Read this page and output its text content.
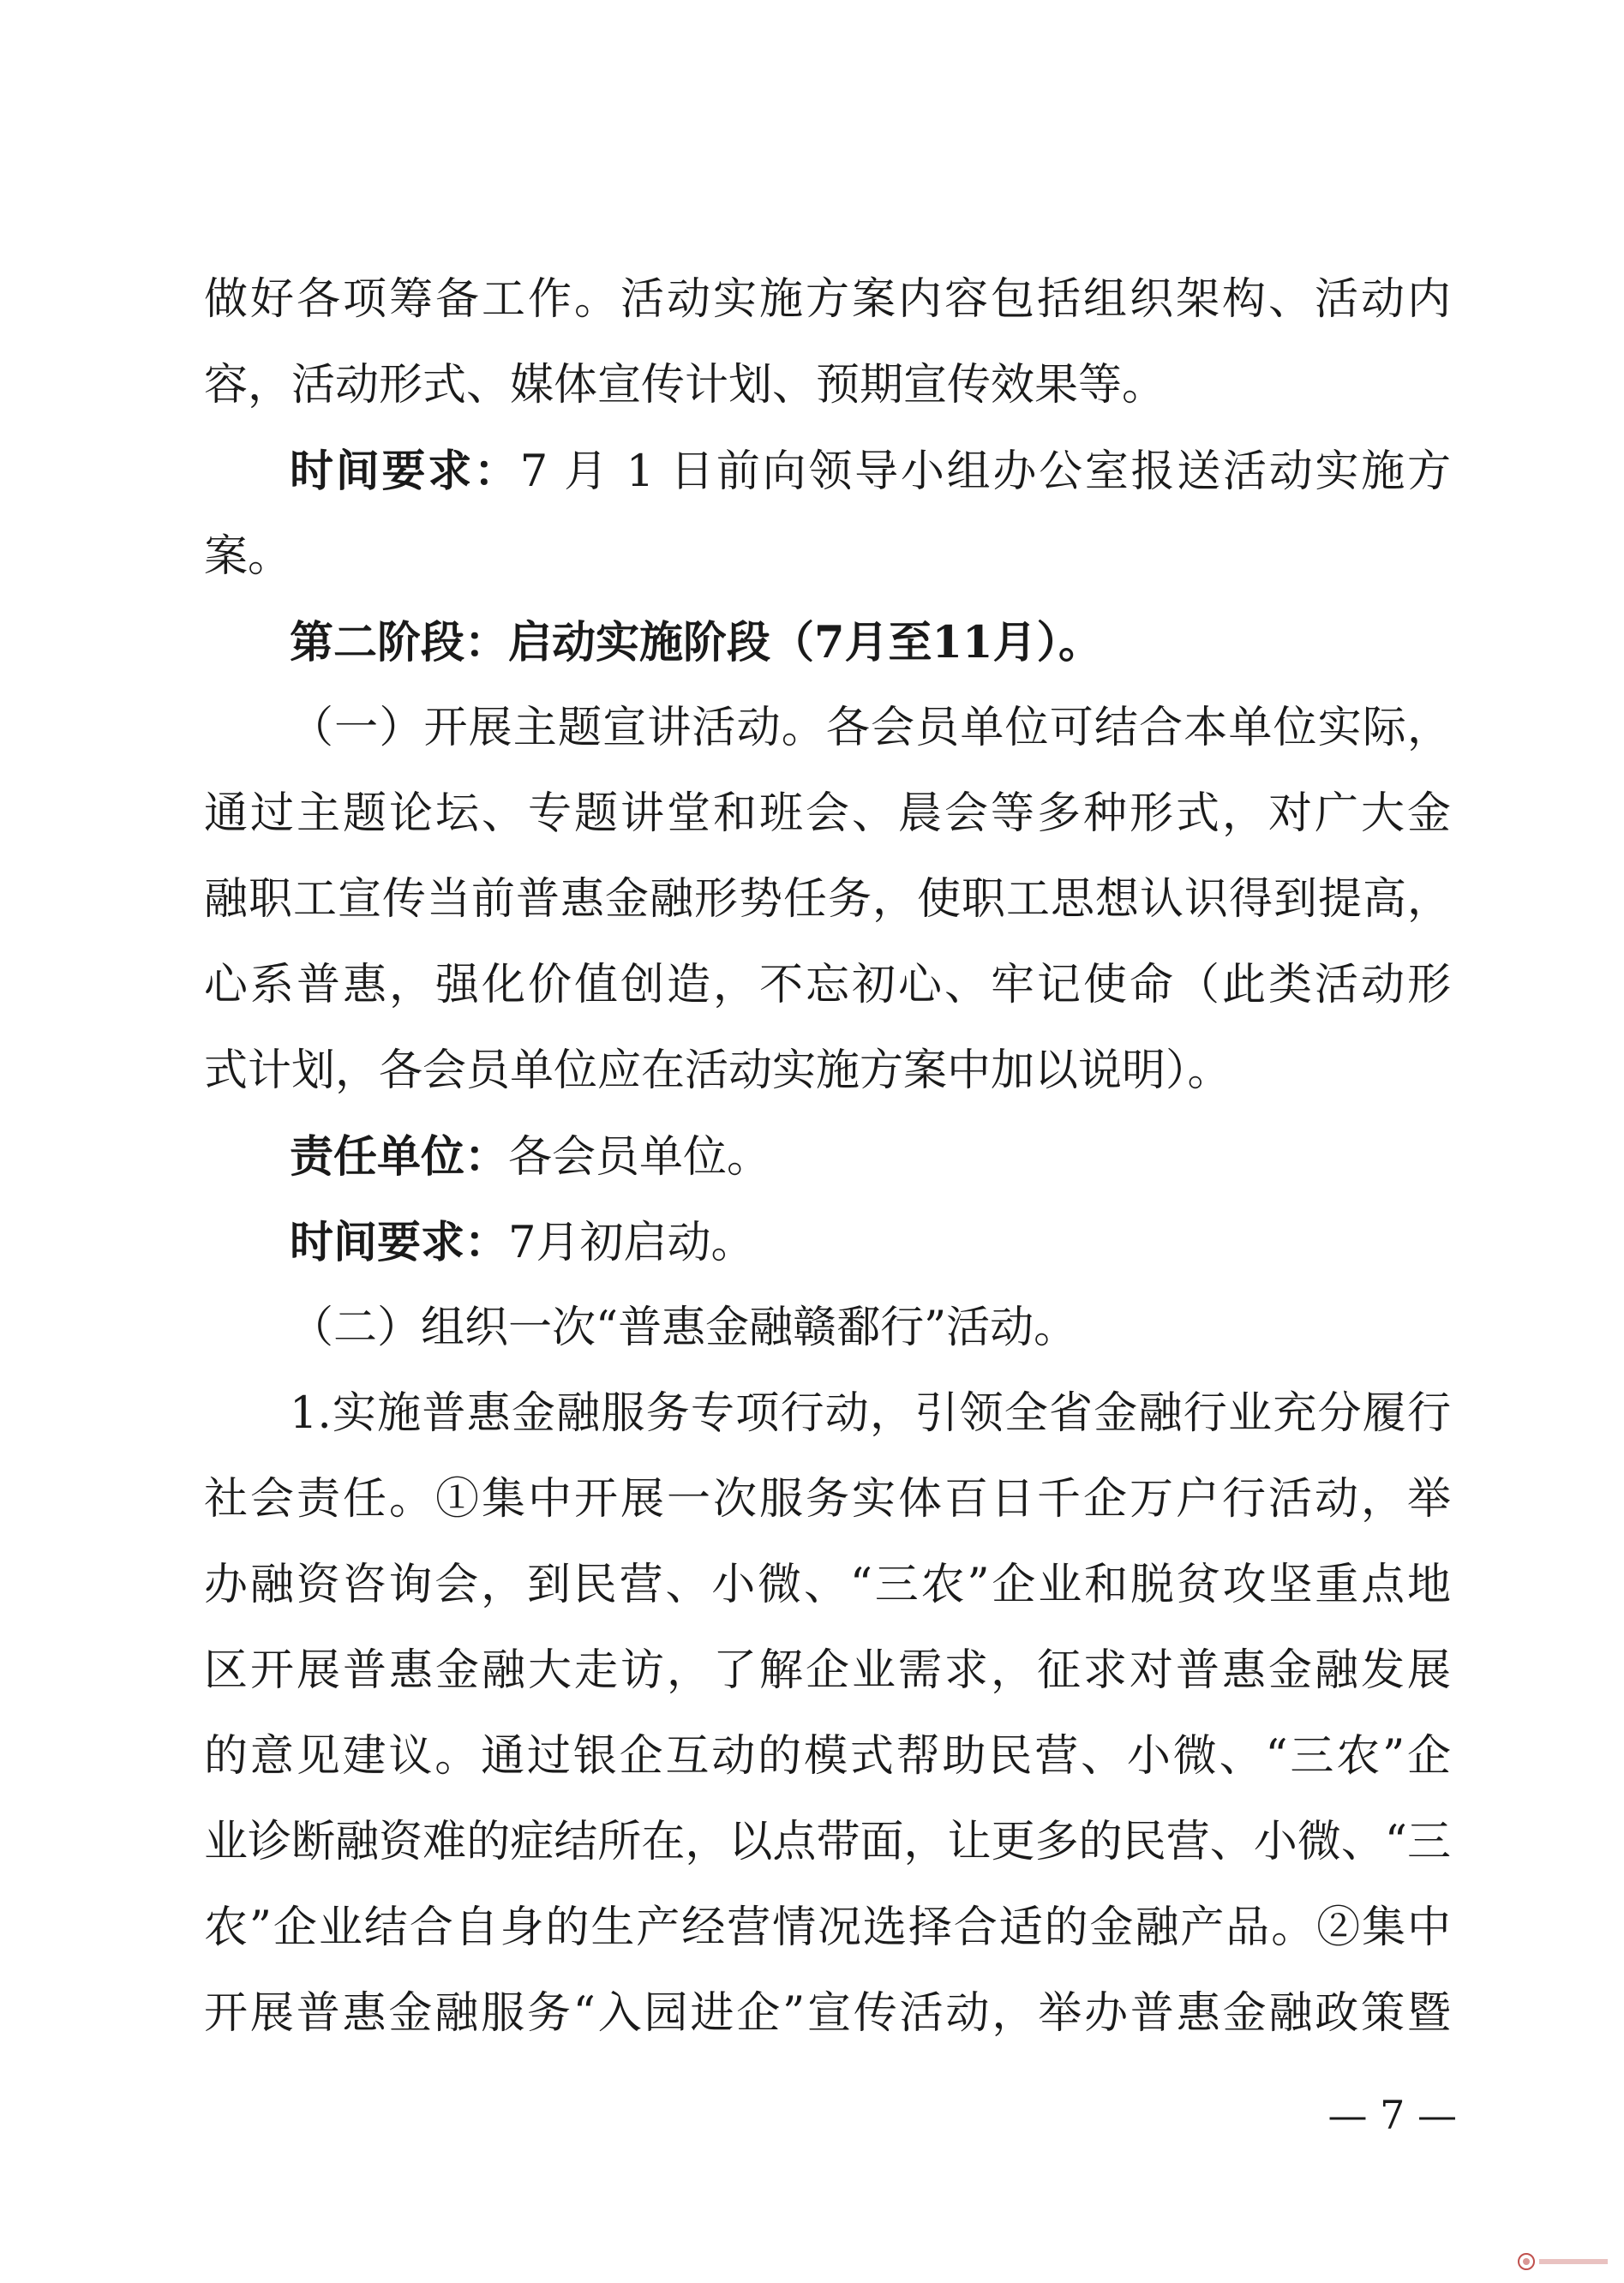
做好各项筹备工作。活动实施方案内容包括组织架构、活动内
容，活动形式、媒体宣传计划、预期宣传效果等。
时间要求：7 月 1 日前向领导小组办公室报送活动实施方
案。
第二阶段：启动实施阶段（7月至11月）。
（一）开展主题宣讲活动。各会员单位可结合本单位实际，
通过主题论坛、专题讲堂和班会、晨会等多种形式，对广大金
融职工宣传当前普惠金融形势任务，使职工思想认识得到提高，
心系普惠，强化价值创造，不忘初心、牢记使命（此类活动形
式计划，各会员单位应在活动实施方案中加以说明）。
责任单位：各会员单位。
时间要求：7月初启动。
（二）组织一次“普惠金融赣鄱行”活动。
1.实施普惠金融服务专项行动，引领全省金融行业充分履行
社会责任。①集中开展一次服务实体百日千企万户行活动，举
办融资咨询会，到民营、小微、“三农”企业和脱贫攻坚重点地
区开展普惠金融大走访，了解企业需求，征求对普惠金融发展
的意见建议。通过银企互动的模式帮助民营、小微、“三农”企
业诊断融资难的症结所在，以点带面，让更多的民营、小微、“三
农”企业结合自身的生产经营情况选择合适的金融产品。②集中
开展普惠金融服务“入园进企”宣传活动，举办普惠金融政策暨
— 7 —
